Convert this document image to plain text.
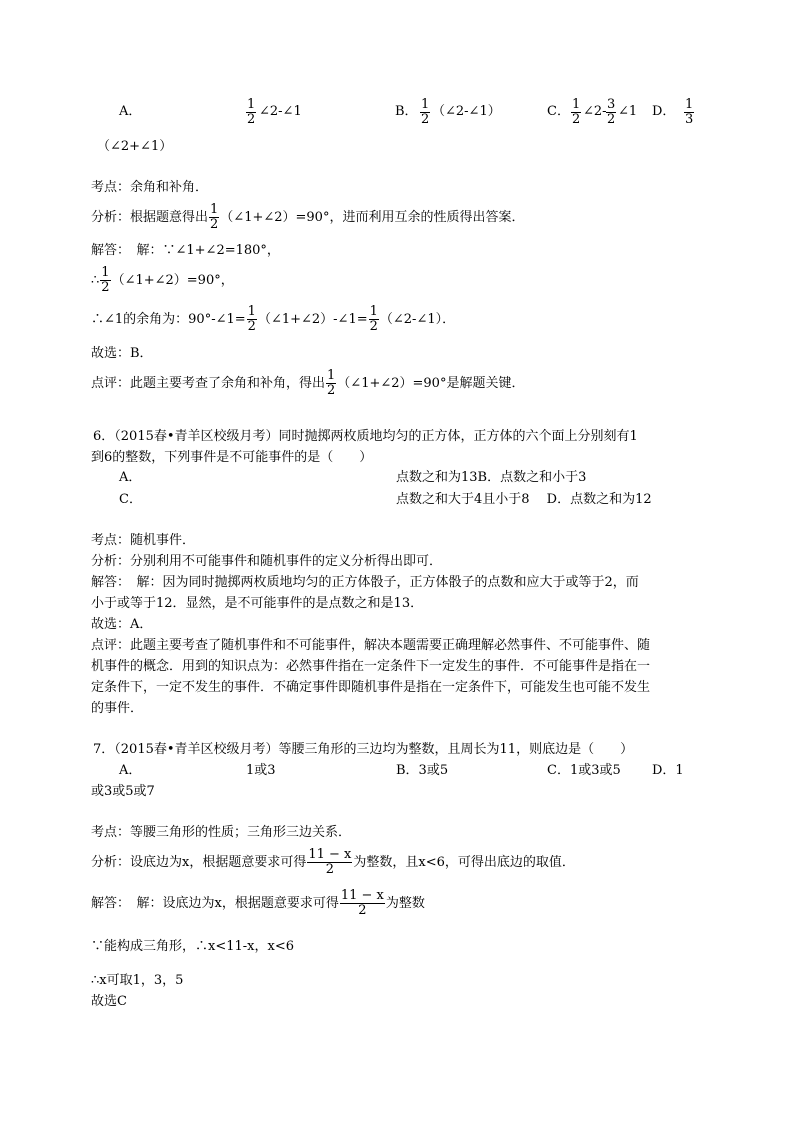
A．	$\frac{1}{2}$ ∠2-∠1	B． $\frac{1}{2}$ （∠2-∠1）	C． $\frac{1}{2}$ ∠2- $\frac{3}{2}$ ∠1 D． $\frac{1}{3}$
（∠2+∠1）
考点：余角和补角．
分析：根据题意得出 $\frac{1}{2}$ （∠1+∠2）=90°，进而利用互余的性质得出答案．
解答：　解：∵∠1+∠2=180°，
∴ $\frac{1}{2}$ （∠1+∠2）=90°，
∴∠1的余角为：90°-∠1= $\frac{1}{2}$ （∠1+∠2）-∠1= $\frac{1}{2}$ （∠2-∠1）．
故选：B．
点评：此题主要考查了余角和补角，得出 $\frac{1}{2}$ （∠1+∠2）=90°是解题关键．
6．（2015春•青羊区校级月考）同时抛掷两枚质地均匀的正方体，正方体的六个面上分别刻有1
到6的整数，下列事件是不可能事件的是（　　）
A．	点数之和为13B．点数之和小于3
C．	点数之和大于4且小于8　 D．点数之和为12
考点：随机事件．
分析：分别利用不可能事件和随机事件的定义分析得出即可．
解答：　解：因为同时抛掷两枚质地均匀的正方体骰子，正方体骰子的点数和应大于或等于2，而
小于或等于12．显然，是不可能事件的是点数之和是13．
故选：A．
点评：此题主要考查了随机事件和不可能事件，解决本题需要正确理解必然事件、不可能事件、随
机事件的概念．用到的知识点为：必然事件指在一定条件下一定发生的事件．不可能事件是指在一
定条件下，一定不发生的事件．不确定事件即随机事件是指在一定条件下，可能发生也可能不发生
的事件．
7．（2015春•青羊区校级月考）等腰三角形的三边均为整数，且周长为11，则底边是（　　）
A．	1或3	B．3或5	C．1或3或5 D．1
或3或5或7
考点：等腰三角形的性质；三角形三边关系．
分析：设底边为x，根据题意要求可得 $\frac{11 - x}{2}$ 为整数，且x<6，可得出底边的取值．
解答：　解：设底边为x，根据题意要求可得 $\frac{11 - x}{2}$ 为整数
∵能构成三角形，∴x<11-x，x<6
∴x可取1，3，5
故选C
